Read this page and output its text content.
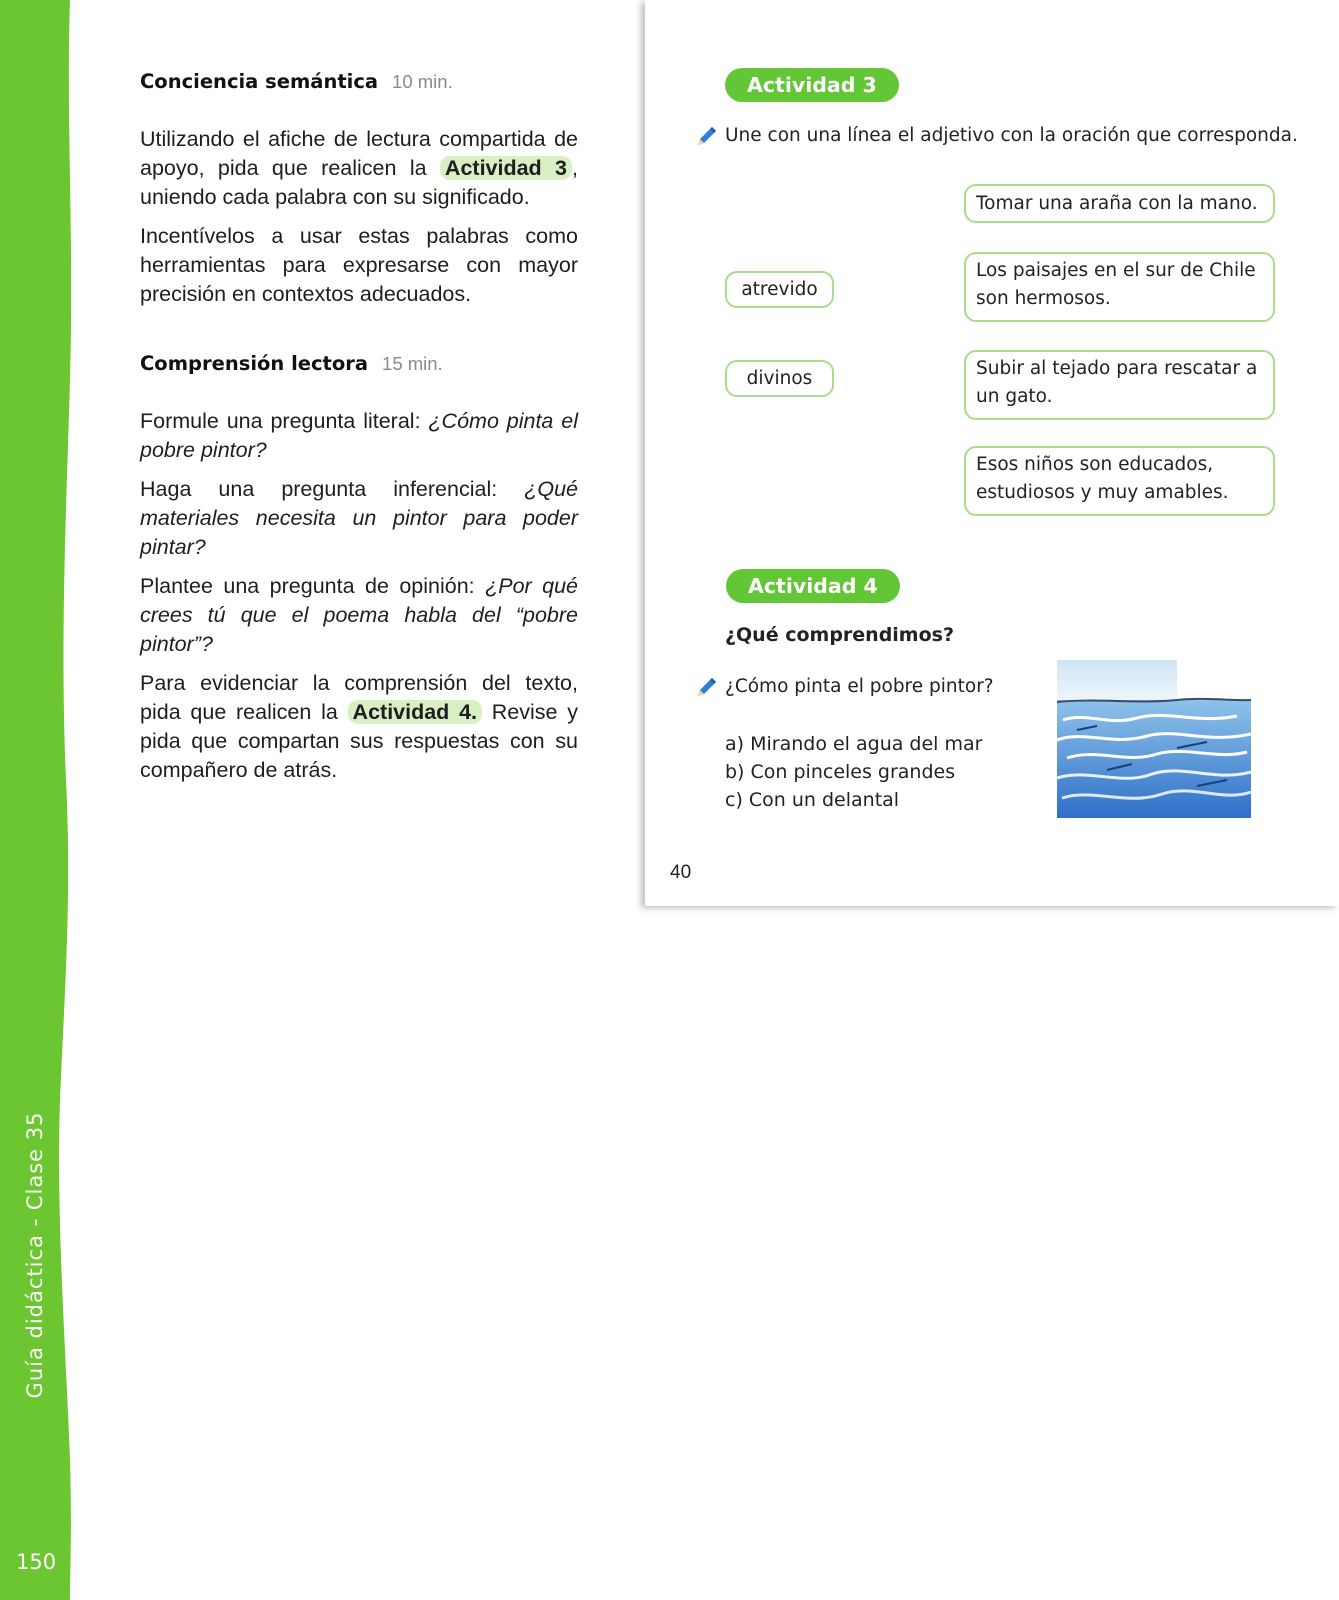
Guía didáctica - Clase 35
150
Conciencia semántica 10 min.

Utilizando el afiche de lectura compartida de apoyo, pida que realicen la Actividad 3 , uniendo cada palabra con su significado.

Incentívelos a usar estas palabras como herramientas para expresarse con mayor precisión en contextos adecuados.

Comprensión lectora 15 min.

Formule una pregunta literal: ¿Cómo pinta el pobre pintor?

Haga una pregunta inferencial: ¿Qué materiales necesita un pintor para poder pintar?

Plantee una pregunta de opinión: ¿Por qué crees tú que el poema habla del “pobre pintor”?

Para evidenciar la comprensión del texto, pida que realicen la Actividad 4. Revise y pida que compartan sus respuestas con su compañero de atrás.

Actividad 3
Une con una línea el adjetivo con la oración que corresponda.
Tomar una araña con la mano.
Los paisajes en el sur de Chile son hermosos.
Subir al tejado para rescatar a un gato.
Esos niños son educados, estudiosos y muy amables.
atrevido
divinos
Actividad 4
¿Qué comprendimos?
¿Cómo pinta el pobre pintor?
a) Mirando el agua del mar
b) Con pinceles grandes
c) Con un delantal
40
